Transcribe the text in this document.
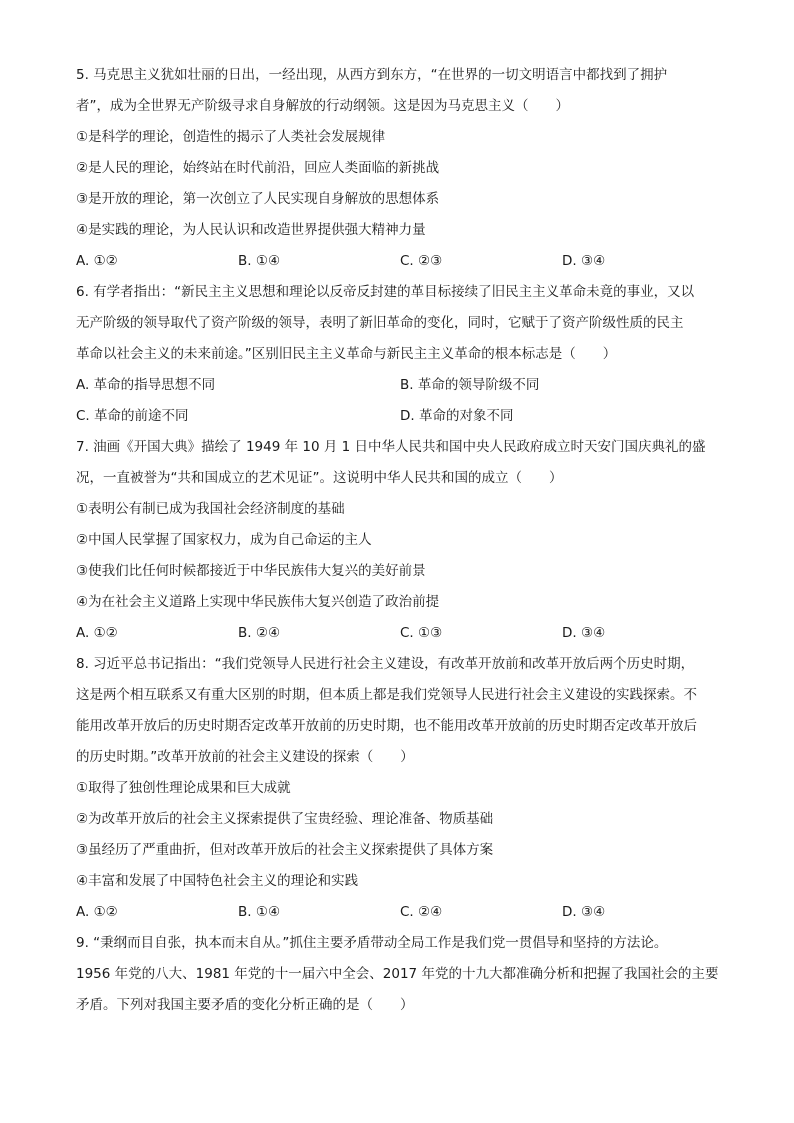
5. 马克思主义犹如壮丽的日出，一经出现，从西方到东方，“在世界的一切文明语言中都找到了拥护
者”，成为全世界无产阶级寻求自身解放的行动纲领。这是因为马克思主义（　　）
①是科学的理论，创造性的揭示了人类社会发展规律
②是人民的理论，始终站在时代前沿，回应人类面临的新挑战
③是开放的理论，第一次创立了人民实现自身解放的思想体系
④是实践的理论，为人民认识和改造世界提供强大精神力量
A. ①②	B. ①④	C. ②③	D. ③④
6. 有学者指出：“新民主主义思想和理论以反帝反封建的革目标接续了旧民主主义革命未竟的事业，又以
无产阶级的领导取代了资产阶级的领导，表明了新旧革命的变化，同时，它赋于了资产阶级性质的民主
革命以社会主义的未来前途。”区别旧民主主义革命与新民主主义革命的根本标志是（　　）
A. 革命的指导思想不同	B. 革命的领导阶级不同
C. 革命的前途不同	D. 革命的对象不同
7. 油画《开国大典》描绘了 1949 年 10 月 1 日中华人民共和国中央人民政府成立时天安门国庆典礼的盛
况，一直被誉为“共和国成立的艺术见证”。这说明中华人民共和国的成立（　　）
①表明公有制已成为我国社会经济制度的基础
②中国人民掌握了国家权力，成为自己命运的主人
③使我们比任何时候都接近于中华民族伟大复兴的美好前景
④为在社会主义道路上实现中华民族伟大复兴创造了政治前提
A. ①②	B. ②④	C. ①③	D. ③④
8. 习近平总书记指出：“我们党领导人民进行社会主义建设，有改革开放前和改革开放后两个历史时期，
这是两个相互联系又有重大区别的时期，但本质上都是我们党领导人民进行社会主义建设的实践探索。不
能用改革开放后的历史时期否定改革开放前的历史时期，也不能用改革开放前的历史时期否定改革开放后
的历史时期。”改革开放前的社会主义建设的探索（　　）
①取得了独创性理论成果和巨大成就
②为改革开放后的社会主义探索提供了宝贵经验、理论准备、物质基础
③虽经历了严重曲折，但对改革开放后的社会主义探索提供了具体方案
④丰富和发展了中国特色社会主义的理论和实践
A. ①②	B. ①④	C. ②④	D. ③④
9. “秉纲而目自张，执本而末自从。”抓住主要矛盾带动全局工作是我们党一贯倡导和坚持的方法论。
1956 年党的八大、1981 年党的十一届六中全会、2017 年党的十九大都准确分析和把握了我国社会的主要
矛盾。下列对我国主要矛盾的变化分析正确的是（　　）
